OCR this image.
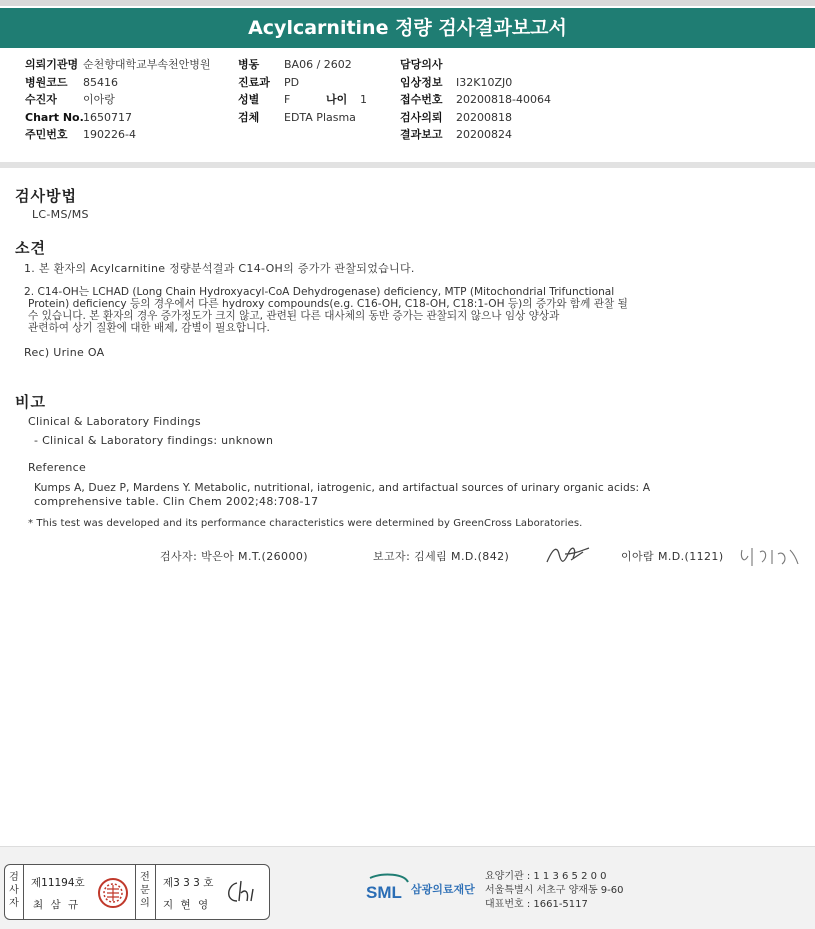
Acylcarnitine 정량 검사결과보고서
의뢰기관명 순천향대학교부속천안병원
병원코드 85416
수진자 이아랑
Chart No.1650717
주민번호 190226-4
병동 BA06 / 2602
진료과 PD
성별 F	나이 1
검체 EDTA Plasma
담당의사
임상정보 I32K10ZJ0
접수번호 20200818-40064
검사의뢰 20200818
결과보고 20200824
검사방법
LC-MS/MS
소견
1. 본 환자의 Acylcarnitine 정량분석결과 C14-OH의 증가가 관찰되었습니다.
2. C14-OH는 LCHAD (Long Chain Hydroxyacyl-CoA Dehydrogenase) deficiency, MTP (Mitochondrial Trifunctional
Protein) deficiency 등의 경우에서 다른 hydroxy compounds(e.g. C16-OH, C18-OH, C18:1-OH 등)의 증가와 함께 관찰 될
수 있습니다. 본 환자의 경우 증가정도가 크지 않고, 관련된 다른 대사체의 동반 증가는 관찰되지 않으나 임상 양상과
관련하여 상기 질환에 대한 배제, 감별이 필요합니다.
Rec) Urine OA
비고
Clinical & Laboratory Findings
- Clinical & Laboratory findings: unknown
Reference
Kumps A, Duez P, Mardens Y. Metabolic, nutritional, iatrogenic, and artifactual sources of urinary organic acids: A
comprehensive table. Clin Chem 2002;48:708-17
* This test was developed and its performance characteristics were determined by GreenCross Laboratories.
검사자: 박은아 M.T.(26000)	보고자: 김세림 M.D.(842)	이아람 M.D.(1121)
검사자
제11194호
최 삼 규
전문의
제3 3 3 호
지 현 영
SML 삼광의료재단
요양기관 : 1 1 3 6 5 2 0 0
서울특별시 서초구 양재동 9-60
대표번호 : 1661-5117
